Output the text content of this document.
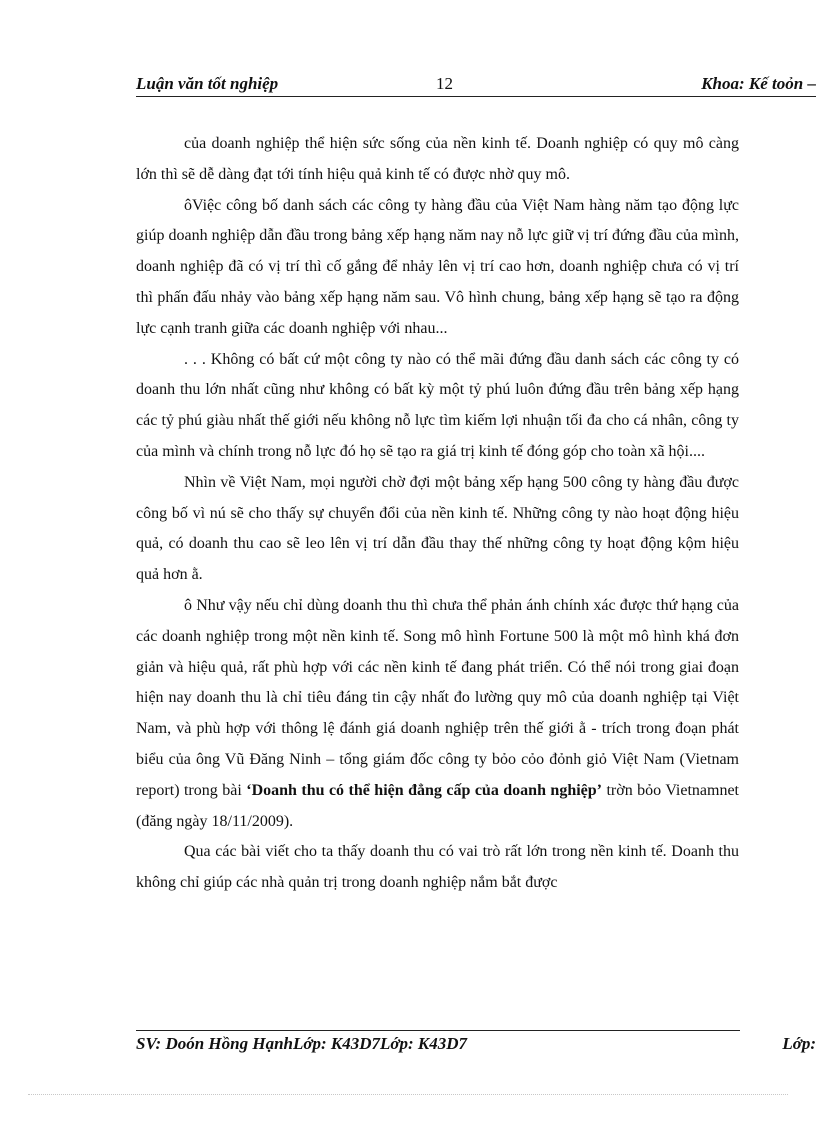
Luận văn tốt nghiệp	12	Khoa: Kế toỏn –

của doanh nghiệp thể hiện sức sống của nền kinh tế. Doanh nghiệp có quy mô càng lớn thì sẽ dễ dàng đạt tới tính hiệu quả kinh tế có được nhờ quy mô.

ôViệc công bố danh sách các công ty hàng đầu của Việt Nam hàng năm tạo động lực giúp doanh nghiệp dẫn đầu trong bảng xếp hạng năm nay nỗ lực giữ vị trí đứng đầu của mình, doanh nghiệp đã có vị trí thì cố gắng để nhảy lên vị trí cao hơn, doanh nghiệp chưa có vị trí thì phấn đấu nhảy vào bảng xếp hạng năm sau. Vô hình chung, bảng xếp hạng sẽ tạo ra động lực cạnh tranh giữa các doanh nghiệp với nhau...

. . . Không có bất cứ một công ty nào có thể mãi đứng đầu danh sách các công ty có doanh thu lớn nhất cũng như không có bất kỳ một tỷ phú luôn đứng đầu trên bảng xếp hạng các tỷ phú giàu nhất thế giới nếu không nỗ lực tìm kiếm lợi nhuận tối đa cho cá nhân, công ty của mình và chính trong nỗ lực đó họ sẽ tạo ra giá trị kinh tế đóng góp cho toàn xã hội....

Nhìn về Việt Nam, mọi người chờ đợi một bảng xếp hạng 500 công ty hàng đầu được công bố vì nú sẽ cho thấy sự chuyển đổi của nền kinh tế. Những công ty nào hoạt động hiệu quả, có doanh thu cao sẽ leo lên vị trí dẫn đầu thay thế những công ty hoạt động kộm hiệu quả hơn ằ.

ô Như vậy nếu chỉ dùng doanh thu thì chưa thể phản ánh chính xác được thứ hạng của các doanh nghiệp trong một nền kinh tế. Song mô hình Fortune 500 là một mô hình khá đơn giản và hiệu quả, rất phù hợp với các nền kinh tế đang phát triển. Có thể nói trong giai đoạn hiện nay doanh thu là chỉ tiêu đáng tin cậy nhất đo lường quy mô của doanh nghiệp tại Việt Nam, và phù hợp với thông lệ đánh giá doanh nghiệp trên thế giới ằ - trích trong đoạn phát biểu của ông Vũ Đăng Ninh – tổng giám đốc công ty bỏo cỏo đỏnh giỏ Việt Nam (Vietnam report) trong bài ‘Doanh thu có thể hiện đẳng cấp của doanh nghiệp’ trờn bỏo Vietnamnet (đăng ngày 18/11/2009).

Qua các bài viết cho ta thấy doanh thu có vai trò rất lớn trong nền kinh tế. Doanh thu không chỉ giúp các nhà quản trị trong doanh nghiệp nắm bắt được

SV: Doón Hồng HạnhLớp: K43D7Lớp: K43D7	Lớp:
